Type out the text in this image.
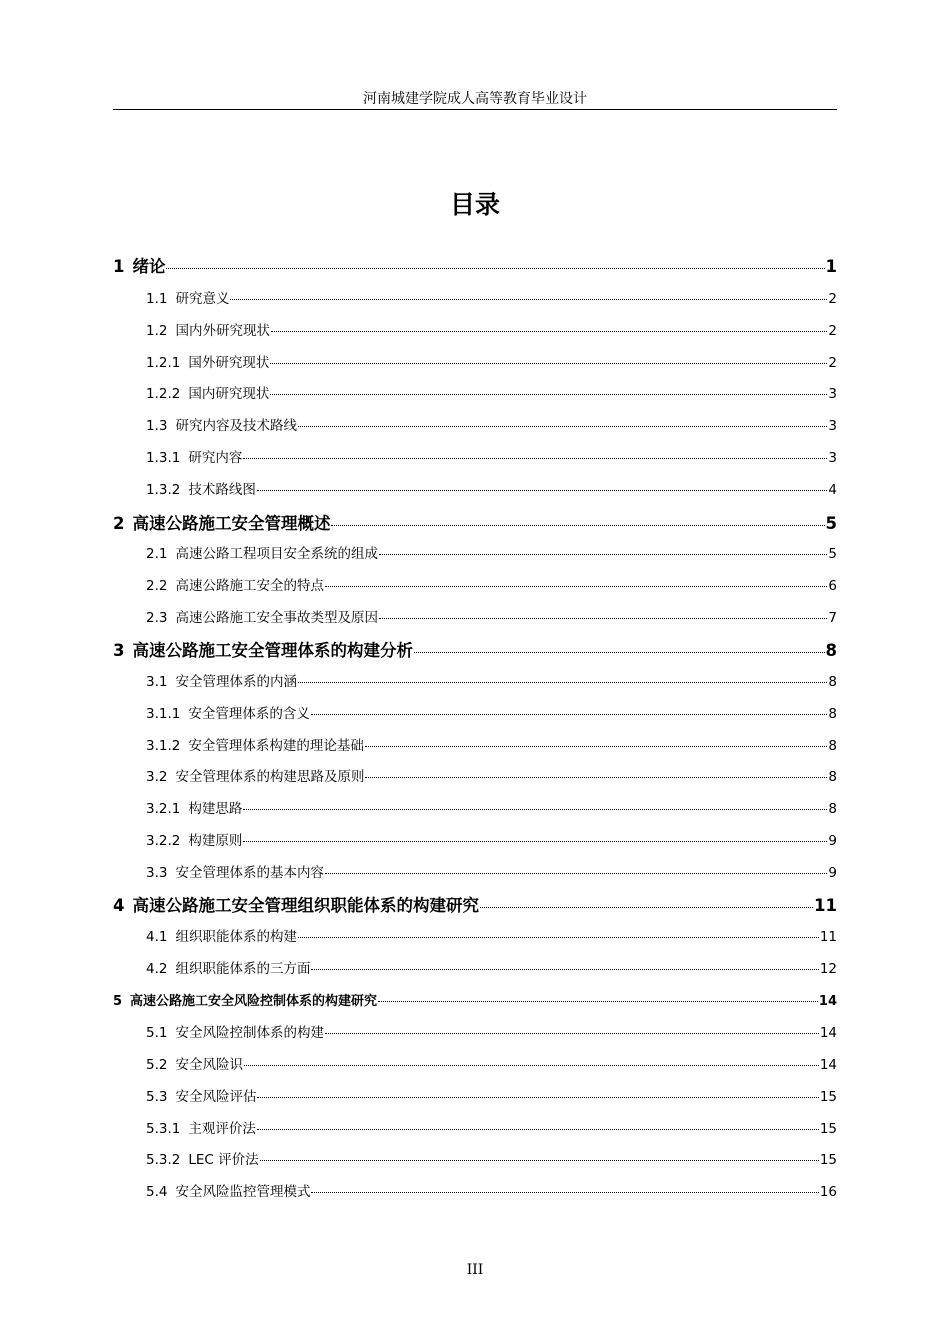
河南城建学院成人高等教育毕业设计
目录
1 绪论	1
1.1 研究意义	2
1.2 国内外研究现状	2
1.2.1 国外研究现状	2
1.2.2 国内研究现状	3
1.3 研究内容及技术路线	3
1.3.1 研究内容	3
1.3.2 技术路线图	4
2 高速公路施工安全管理概述	5
2.1 高速公路工程项目安全系统的组成	5
2.2 高速公路施工安全的特点	6
2.3 高速公路施工安全事故类型及原因	7
3 高速公路施工安全管理体系的构建分析	8
3.1 安全管理体系的内涵	8
3.1.1 安全管理体系的含义	8
3.1.2 安全管理体系构建的理论基础	8
3.2 安全管理体系的构建思路及原则	8
3.2.1 构建思路	8
3.2.2 构建原则	9
3.3 安全管理体系的基本内容	9
4 高速公路施工安全管理组织职能体系的构建研究	11
4.1 组织职能体系的构建	11
4.2 组织职能体系的三方面	12
5 高速公路施工安全风险控制体系的构建研究	14
5.1 安全风险控制体系的构建	14
5.2 安全风险识	14
5.3 安全风险评估	15
5.3.1 主观评价法	15
5.3.2 LEC 评价法	15
5.4 安全风险监控管理模式	16
III
